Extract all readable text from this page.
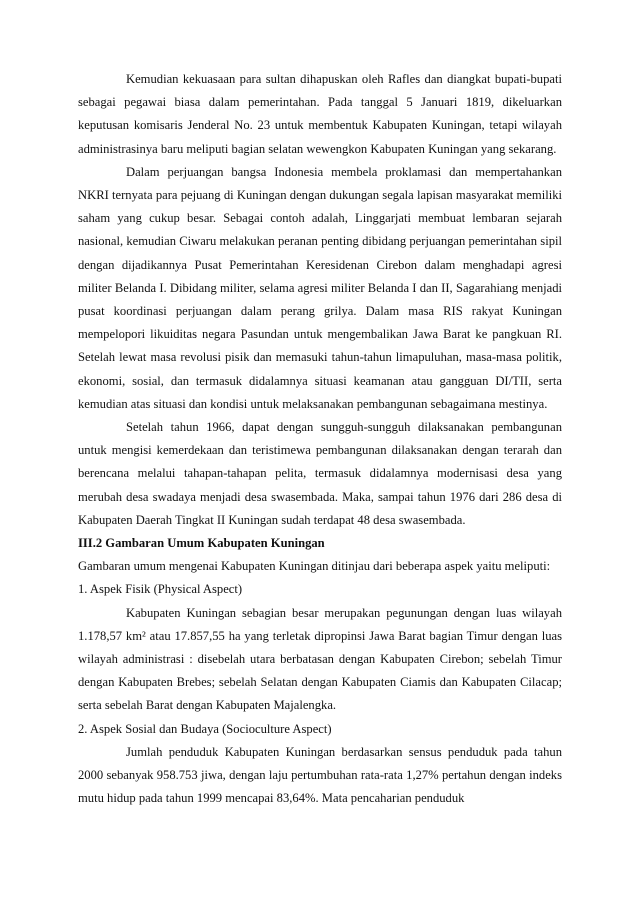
Kemudian kekuasaan para sultan dihapuskan oleh Rafles dan diangkat bupati-bupati sebagai pegawai biasa dalam pemerintahan. Pada tanggal 5 Januari 1819, dikeluarkan keputusan komisaris Jenderal No. 23 untuk membentuk Kabupaten Kuningan, tetapi wilayah administrasinya baru meliputi bagian selatan wewengkon Kabupaten Kuningan yang sekarang.

Dalam perjuangan bangsa Indonesia membela proklamasi dan mempertahankan NKRI ternyata para pejuang di Kuningan dengan dukungan segala lapisan masyarakat memiliki saham yang cukup besar. Sebagai contoh adalah, Linggarjati membuat lembaran sejarah nasional, kemudian Ciwaru melakukan peranan penting dibidang perjuangan pemerintahan sipil dengan dijadikannya Pusat Pemerintahan Keresidenan Cirebon dalam menghadapi agresi militer Belanda I. Dibidang militer, selama agresi militer Belanda I dan II, Sagarahiang menjadi pusat koordinasi perjuangan dalam perang grilya. Dalam masa RIS rakyat Kuningan mempelopori likuiditas negara Pasundan untuk mengembalikan Jawa Barat ke pangkuan RI. Setelah lewat masa revolusi pisik dan memasuki tahun-tahun limapuluhan, masa-masa politik, ekonomi, sosial, dan termasuk didalamnya situasi keamanan atau gangguan DI/TII, serta kemudian atas situasi dan kondisi untuk melaksanakan pembangunan sebagaimana mestinya.

Setelah tahun 1966, dapat dengan sungguh-sungguh dilaksanakan pembangunan untuk mengisi kemerdekaan dan teristimewa pembangunan dilaksanakan dengan terarah dan berencana melalui tahapan-tahapan pelita, termasuk didalamnya modernisasi desa yang merubah desa swadaya menjadi desa swasembada. Maka, sampai tahun 1976 dari 286 desa di Kabupaten Daerah Tingkat II Kuningan sudah terdapat 48 desa swasembada.

III.2 Gambaran Umum Kabupaten Kuningan

Gambaran umum mengenai Kabupaten Kuningan ditinjau dari beberapa aspek yaitu meliputi:

1. Aspek Fisik (Physical Aspect)

Kabupaten Kuningan sebagian besar merupakan pegunungan dengan luas wilayah 1.178,57 km² atau 17.857,55 ha yang terletak dipropinsi Jawa Barat bagian Timur dengan luas wilayah administrasi : disebelah utara berbatasan dengan Kabupaten Cirebon; sebelah Timur dengan Kabupaten Brebes; sebelah Selatan dengan Kabupaten Ciamis dan Kabupaten Cilacap; serta sebelah Barat dengan Kabupaten Majalengka.

2. Aspek Sosial dan Budaya (Socioculture Aspect)

Jumlah penduduk Kabupaten Kuningan berdasarkan sensus penduduk pada tahun 2000 sebanyak 958.753 jiwa, dengan laju pertumbuhan rata-rata 1,27% pertahun dengan indeks mutu hidup pada tahun 1999 mencapai 83,64%. Mata pencaharian penduduk
